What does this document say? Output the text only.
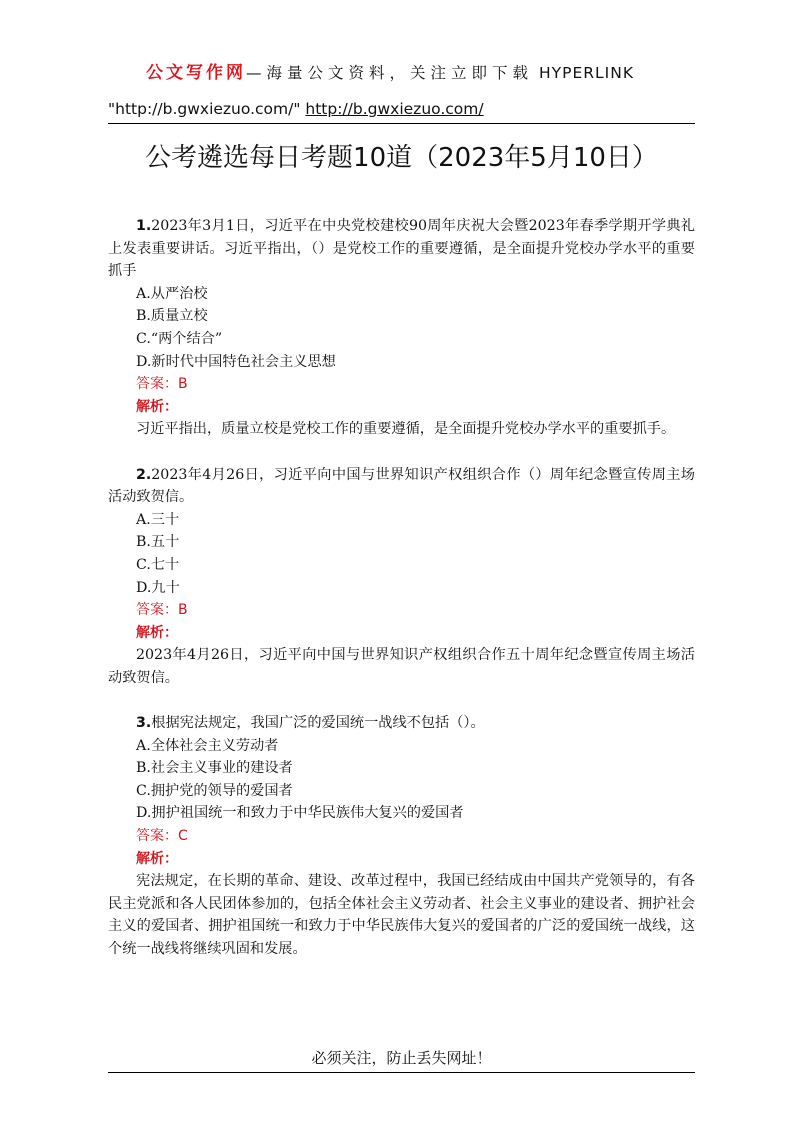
公文写作网—海量公文资料，关注立即下载 HYPERLINK
"http://b.gwxiezuo.com/" http://b.gwxiezuo.com/
公考遴选每日考题10道（2023年5月10日）

1.2023年3月1日，习近平在中央党校建校90周年庆祝大会暨2023年春季学期开学典礼上发表重要讲话。习近平指出，（）是党校工作的重要遵循，是全面提升党校办学水平的重要抓手

A.从严治校

B.质量立校

C.“两个结合”

D.新时代中国特色社会主义思想

答案：B

解析：

习近平指出，质量立校是党校工作的重要遵循，是全面提升党校办学水平的重要抓手。

2.2023年4月26日，习近平向中国与世界知识产权组织合作（）周年纪念暨宣传周主场活动致贺信。

A.三十

B.五十

C.七十

D.九十

答案：B

解析：

2023年4月26日，习近平向中国与世界知识产权组织合作五十周年纪念暨宣传周主场活动致贺信。

3.根据宪法规定，我国广泛的爱国统一战线不包括（）。

A.全体社会主义劳动者

B.社会主义事业的建设者

C.拥护党的领导的爱国者

D.拥护祖国统一和致力于中华民族伟大复兴的爱国者

答案：C

解析：

宪法规定，在长期的革命、建设、改革过程中，我国已经结成由中国共产党领导的，有各民主党派和各人民团体参加的，包括全体社会主义劳动者、社会主义事业的建设者、拥护社会主义的爱国者、拥护祖国统一和致力于中华民族伟大复兴的爱国者的广泛的爱国统一战线，这个统一战线将继续巩固和发展。

必须关注，防止丢失网址！
